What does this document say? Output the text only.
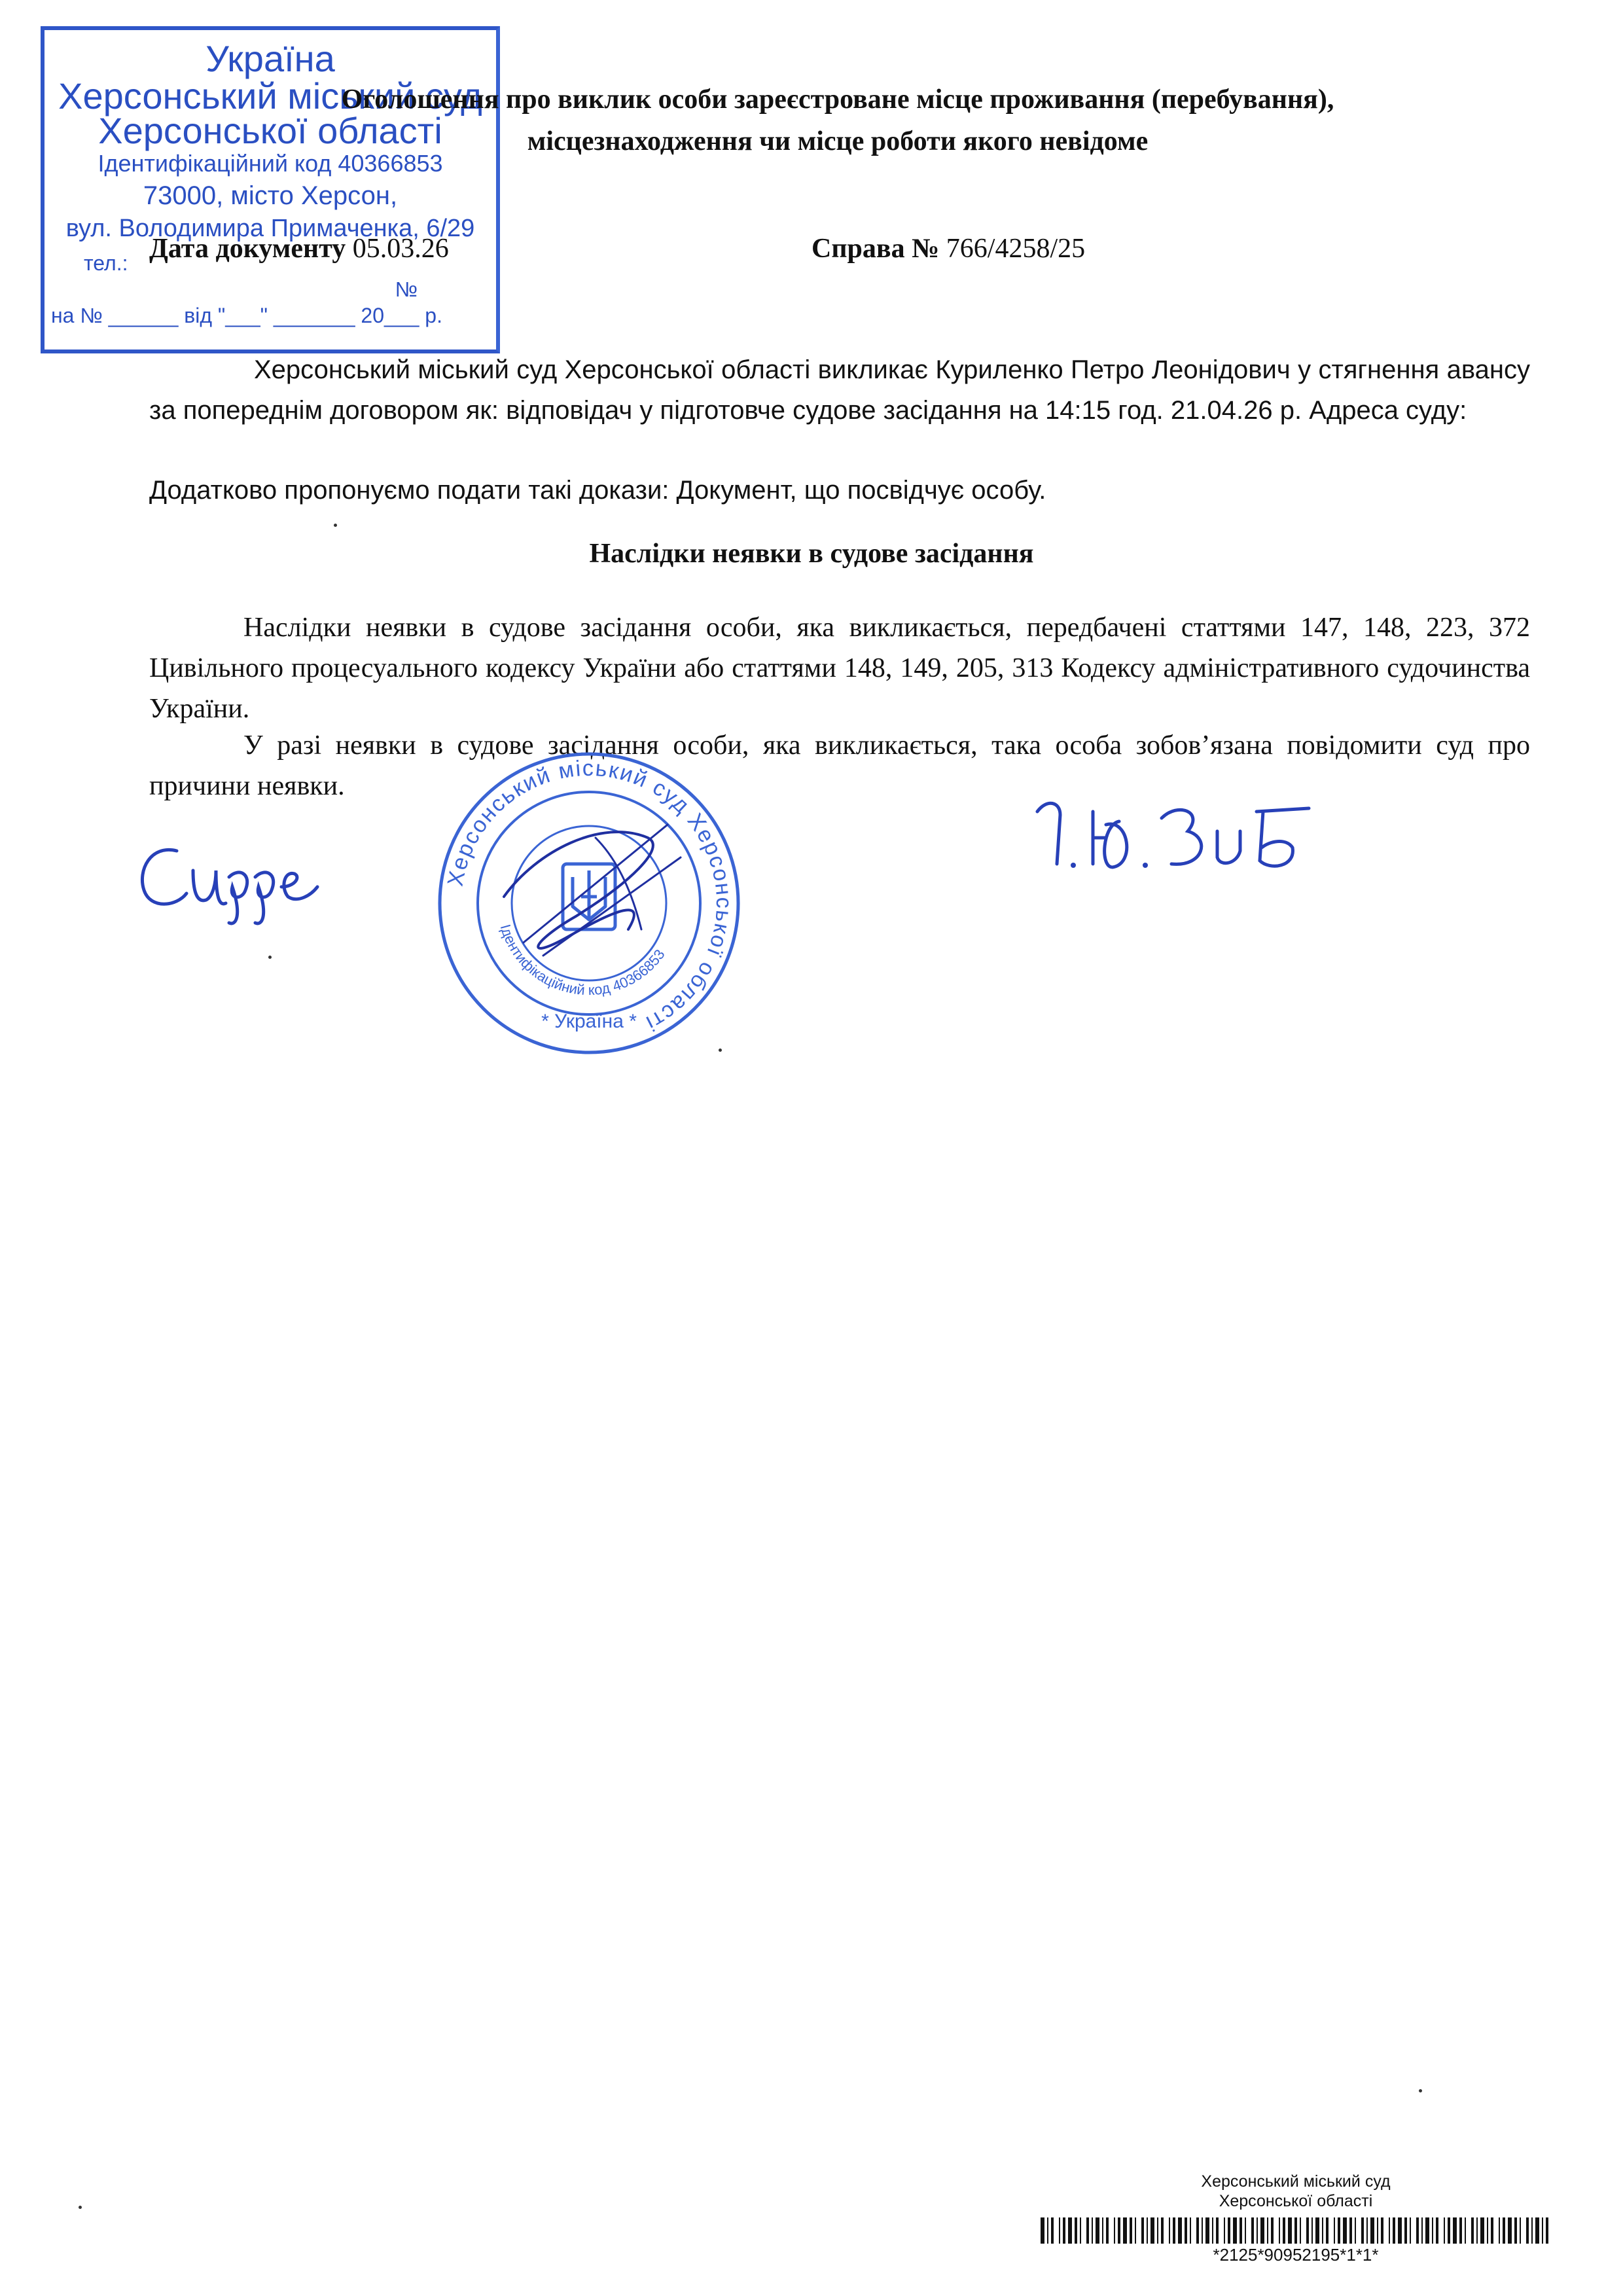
Україна
Херсонський міський суд
Херсонської області
Ідентифікаційний код 40366853
73000, місто Херсон,
вул. Володимира Примаченка, 6/29
тел.:
№
на № ______ від "___" _______ 20___ р.
Оголошення про виклик особи зареєстроване місце проживання (перебування),
місцезнаходження чи місце роботи якого невідоме
Дата документу 05.03.26	Справа № 766/4258/25
Херсонський міський суд Херсонської області викликає Куриленко Петро Леонідович у стягнення авансу за попереднім договором як: відповідач у підготовче судове засідання на 14:15 год. 21.04.26 р. Адреса суду:
Додатково пропонуємо подати такі докази: Документ, що посвідчує особу.
Наслідки неявки в судове засідання
Наслідки неявки в судове засідання особи, яка викликається, передбачені статтями 147, 148, 223, 372 Цивільного процесуального кодексу України або статтями 148, 149, 205, 313 Кодексу адміністративного судочинства України.
У разі неявки в судове засідання особи, яка викликається, така особа зобов’язана повідомити суд про причини неявки.
Херсонський міський суд Херсонської області
Ідентифікаційний код 40366853
* Україна *
Херсонський міський суд
Херсонської області
*2125*90952195*1*1*
